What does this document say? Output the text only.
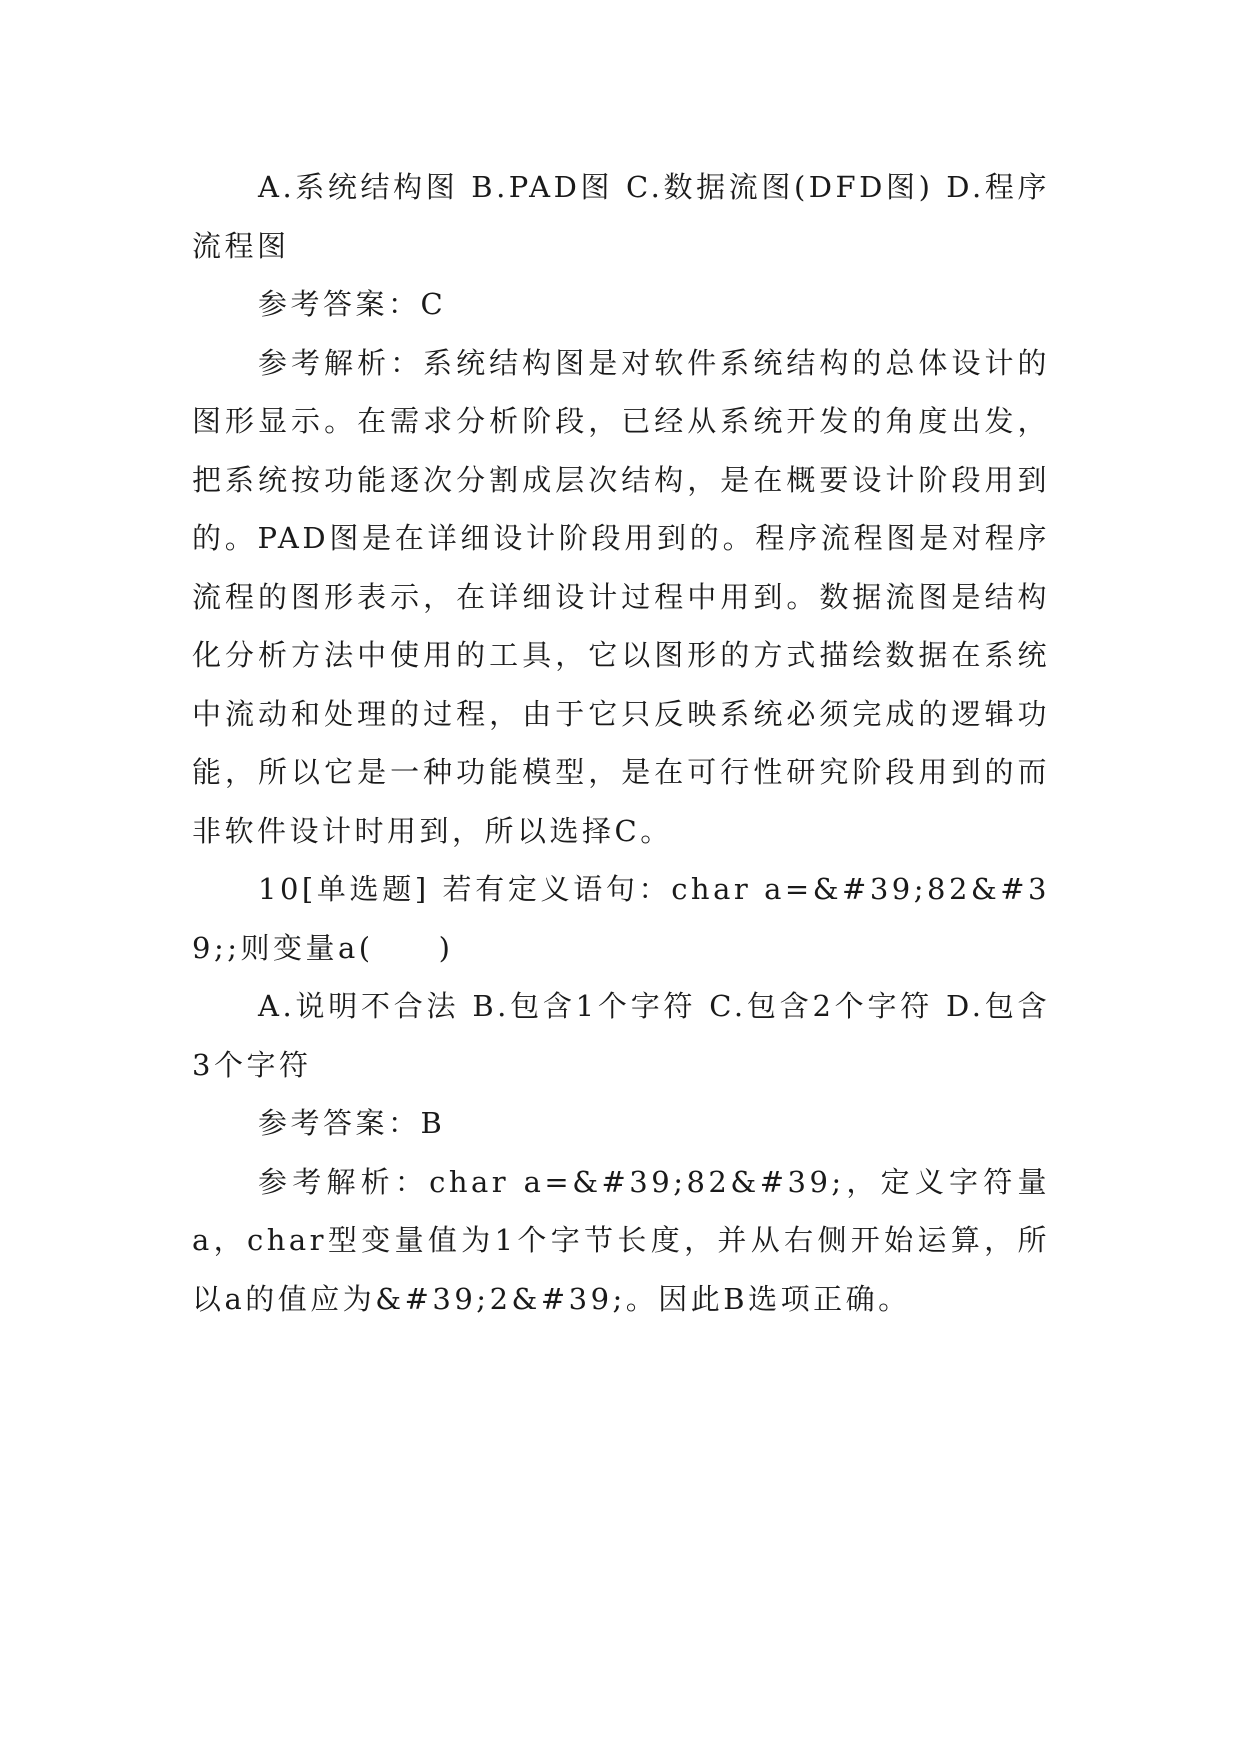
A.系统结构图 B.PAD图 C.数据流图(DFD图) D.程序流程图

参考答案：C

参考解析：系统结构图是对软件系统结构的总体设计的图形显示。在需求分析阶段，已经从系统开发的角度出发，把系统按功能逐次分割成层次结构，是在概要设计阶段用到的。PAD图是在详细设计阶段用到的。程序流程图是对程序流程的图形表示，在详细设计过程中用到。数据流图是结构化分析方法中使用的工具，它以图形的方式描绘数据在系统中流动和处理的过程，由于它只反映系统必须完成的逻辑功能，所以它是一种功能模型，是在可行性研究阶段用到的而非软件设计时用到，所以选择C。

10[单选题] 若有定义语句：char a=&#39;82&#39;;则变量a(　　)

A.说明不合法 B.包含1个字符 C.包含2个字符 D.包含3个字符

参考答案：B

参考解析：char a=&#39;82&#39;，定义字符量a，char型变量值为1个字节长度，并从右侧开始运算，所以a的值应为&#39;2&#39;。因此B选项正确。
